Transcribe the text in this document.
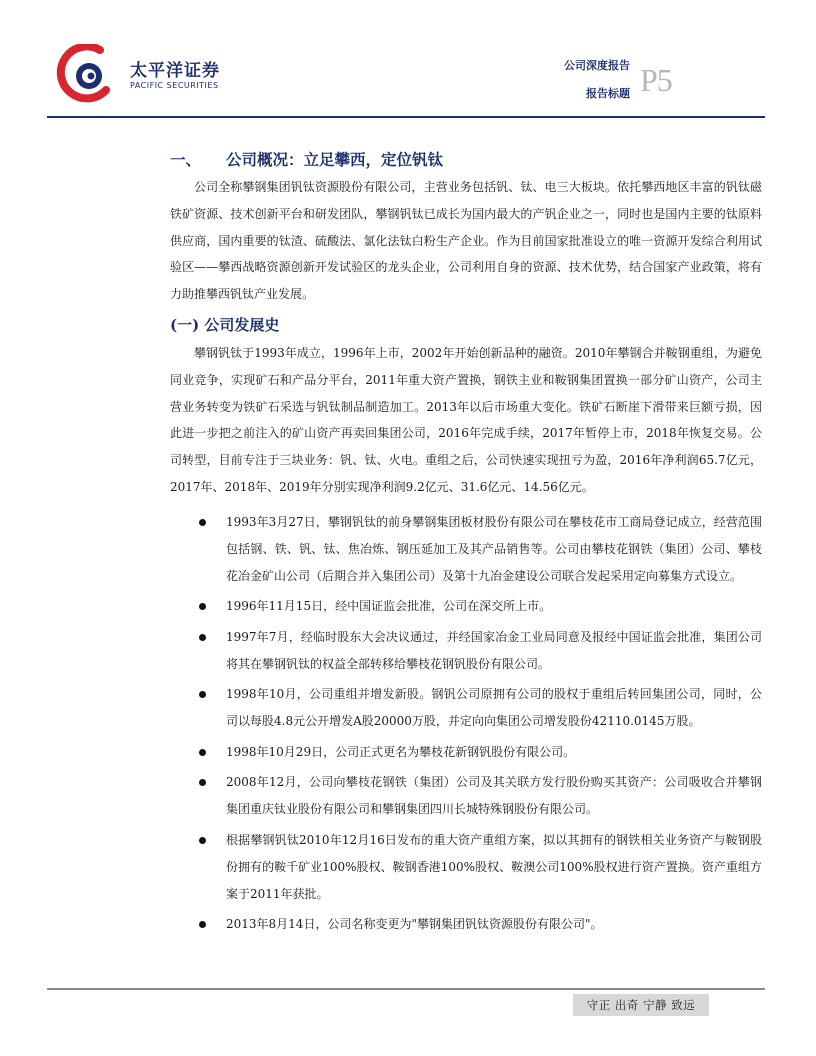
太平洋证券
PACIFIC SECURITIES
公司深度报告
报告标题 P5
一、 公司概况：立足攀西，定位钒钛

公司全称攀钢集团钒钛资源股份有限公司，主营业务包括钒、钛、电三大板块。依托攀西地区丰富的钒钛磁铁矿资源、技术创新平台和研发团队，攀钢钒钛已成长为国内最大的产钒企业之一，同时也是国内主要的钛原料供应商，国内重要的钛渣、硫酸法、氯化法钛白粉生产企业。作为目前国家批准设立的唯一资源开发综合利用试验区——攀西战略资源创新开发试验区的龙头企业，公司利用自身的资源、技术优势，结合国家产业政策，将有力助推攀西钒钛产业发展。

(一) 公司发展史

攀钢钒钛于1993年成立，1996年上市，2002年开始创新品种的融资。2010年攀钢合并鞍钢重组，为避免同业竞争，实现矿石和产品分平台，2011年重大资产置换，钢铁主业和鞍钢集团置换一部分矿山资产，公司主营业务转变为铁矿石采选与钒钛制品制造加工。2013年以后市场重大变化。铁矿石断崖下滑带来巨额亏损，因此进一步把之前注入的矿山资产再卖回集团公司，2016年完成手续，2017年暂停上市，2018年恢复交易。公司转型，目前专注于三块业务：钒、钛、火电。重组之后，公司快速实现扭亏为盈，2016年净利润65.7亿元，2017年、2018年、2019年分别实现净利润9.2亿元、31.6亿元、14.56亿元。

1993年3月27日，攀钢钒钛的前身攀钢集团板材股份有限公司在攀枝花市工商局登记成立，经营范围包括钢、铁、钒、钛、焦冶炼、钢压延加工及其产品销售等。公司由攀枝花钢铁（集团）公司、攀枝花冶金矿山公司（后期合并入集团公司）及第十九冶金建设公司联合发起采用定向募集方式设立。
1996年11月15日，经中国证监会批准，公司在深交所上市。
1997年7月，经临时股东大会决议通过，并经国家冶金工业局同意及报经中国证监会批准，集团公司将其在攀钢钒钛的权益全部转移给攀枝花钢钒股份有限公司。
1998年10月，公司重组并增发新股。钢钒公司原拥有公司的股权于重组后转回集团公司，同时，公司以每股4.8元公开增发A股20000万股，并定向向集团公司增发股份42110.0145万股。
1998年10月29日，公司正式更名为攀枝花新钢钒股份有限公司。
2008年12月，公司向攀枝花钢铁（集团）公司及其关联方发行股份购买其资产：公司吸收合并攀钢集团重庆钛业股份有限公司和攀钢集团四川长城特殊钢股份有限公司。
根据攀钢钒钛2010年12月16日发布的重大资产重组方案，拟以其拥有的钢铁相关业务资产与鞍钢股份拥有的鞍千矿业100%股权、鞍钢香港100%股权、鞍澳公司100%股权进行资产置换。资产重组方案于2011年获批。
2013年8月14日，公司名称变更为"攀钢集团钒钛资源股份有限公司"。
守正 出奇 宁静 致远
